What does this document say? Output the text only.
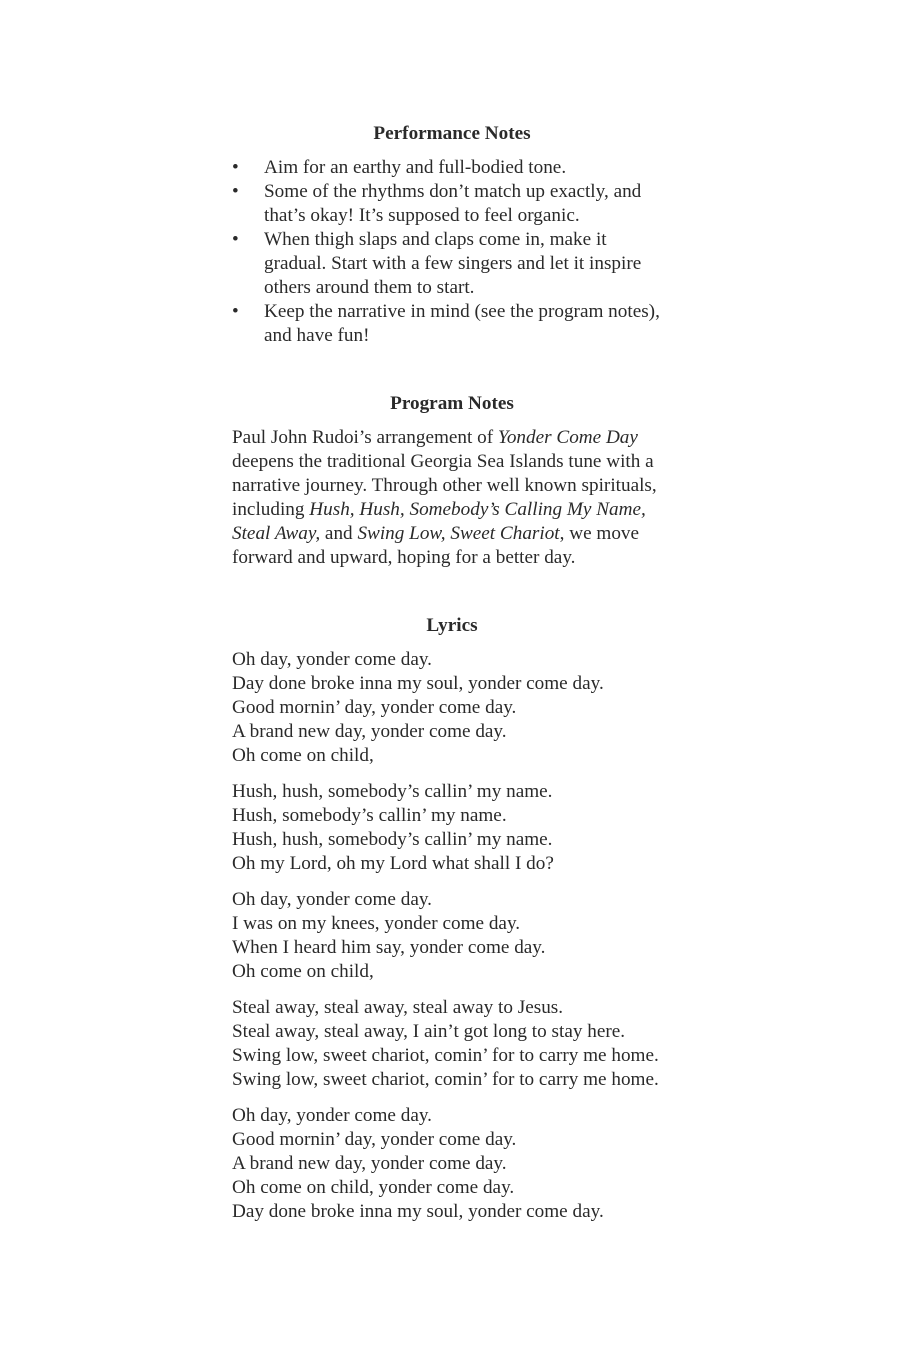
Performance Notes
• Aim for an earthy and full-bodied tone.
• Some of the rhythms don’t match up exactly, and that’s okay! It’s supposed to feel organic.
• When thigh slaps and claps come in, make it gradual. Start with a few singers and let it inspire others around them to start.
• Keep the narrative in mind (see the program notes), and have fun!
Program Notes

Paul John Rudoi’s arrangement of Yonder Come Day deepens the traditional Georgia Sea Islands tune with a narrative journey. Through other well known spirituals, including Hush, Hush, Somebody’s Calling My Name, Steal Away, and Swing Low, Sweet Chariot, we move forward and upward, hoping for a better day.

Lyrics
Oh day, yonder come day.
Day done broke inna my soul, yonder come day.
Good mornin’ day, yonder come day.
A brand new day, yonder come day.
Oh come on child,
Hush, hush, somebody’s callin’ my name.
Hush, somebody’s callin’ my name.
Hush, hush, somebody’s callin’ my name.
Oh my Lord, oh my Lord what shall I do?
Oh day, yonder come day.
I was on my knees, yonder come day.
When I heard him say, yonder come day.
Oh come on child,
Steal away, steal away, steal away to Jesus.
Steal away, steal away, I ain’t got long to stay here.
Swing low, sweet chariot, comin’ for to carry me home.
Swing low, sweet chariot, comin’ for to carry me home.
Oh day, yonder come day.
Good mornin’ day, yonder come day.
A brand new day, yonder come day.
Oh come on child, yonder come day.
Day done broke inna my soul, yonder come day.
